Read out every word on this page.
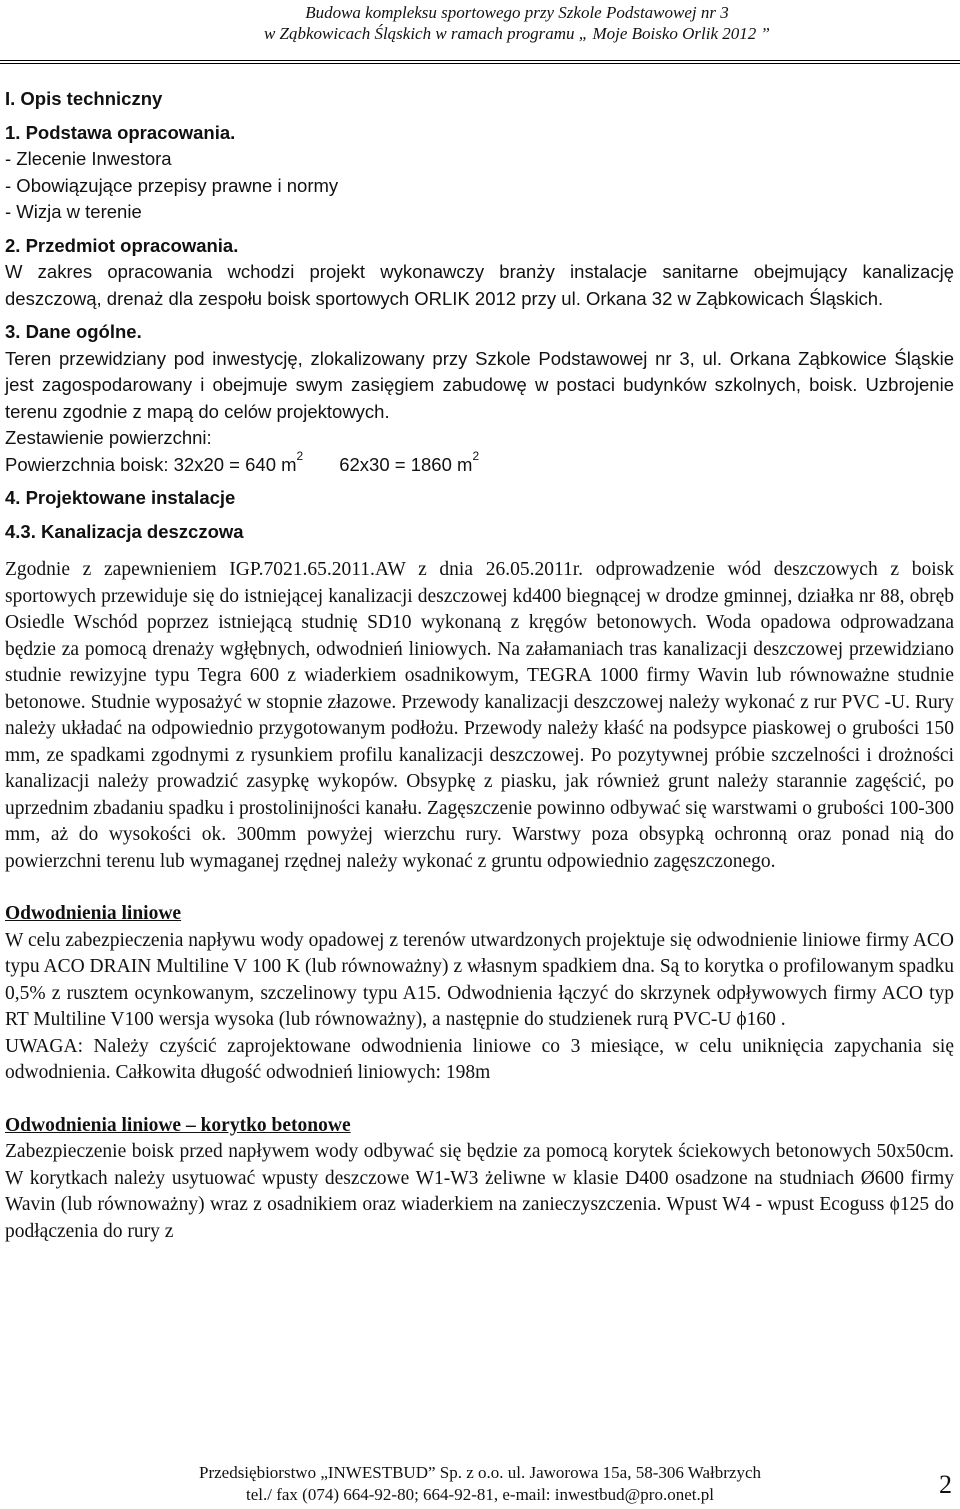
Budowa kompleksu sportowego przy Szkole Podstawowej nr 3
w Ząbkowicach Śląskich w ramach programu „ Moje Boisko Orlik 2012 ”
I. Opis techniczny
1. Podstawa opracowania.
- Zlecenie Inwestora
- Obowiązujące przepisy prawne i normy
- Wizja w terenie
2. Przedmiot opracowania.

W zakres opracowania wchodzi projekt wykonawczy branży instalacje sanitarne obejmujący kanalizację deszczową, drenaż dla zespołu boisk sportowych ORLIK 2012 przy ul. Orkana 32 w Ząbkowicach Śląskich.

3. Dane ogólne.

Teren przewidziany pod inwestycję, zlokalizowany przy Szkole Podstawowej nr 3, ul. Orkana Ząbkowice Śląskie jest zagospodarowany i obejmuje swym zasięgiem zabudowę w postaci budynków szkolnych, boisk. Uzbrojenie terenu zgodnie z mapą do celów projektowych.

Zestawienie powierzchni:
Powierzchnia boisk: 32x20 = 640 $m^2$ 62x30 = 1860 $m^2$
4. Projektowane instalacje
4.3. Kanalizacja deszczowa

Zgodnie z zapewnieniem IGP.7021.65.2011.AW z dnia 26.05.2011r. odprowadzenie wód deszczowych z boisk sportowych przewiduje się do istniejącej kanalizacji deszczowej kd400 biegnącej w drodze gminnej, działka nr 88, obręb Osiedle Wschód poprzez istniejącą studnię SD10 wykonaną z kręgów betonowych. Woda opadowa odprowadzana będzie za pomocą drenaży wgłębnych, odwodnień liniowych. Na załamaniach tras kanalizacji deszczowej przewidziano studnie rewizyjne typu Tegra 600 z wiaderkiem osadnikowym, TEGRA 1000 firmy Wavin lub równoważne studnie betonowe. Studnie wyposażyć w stopnie złazowe. Przewody kanalizacji deszczowej należy wykonać z rur PVC -U. Rury należy układać na odpowiednio przygotowanym podłożu. Przewody należy kłaść na podsypce piaskowej o grubości 150 mm, ze spadkami zgodnymi z rysunkiem profilu kanalizacji deszczowej. Po pozytywnej próbie szczelności i drożności kanalizacji należy prowadzić zasypkę wykopów. Obsypkę z piasku, jak również grunt należy starannie zagęścić, po uprzednim zbadaniu spadku i prostolinijności kanału. Zagęszczenie powinno odbywać się warstwami o grubości 100-300 mm, aż do wysokości ok. 300mm powyżej wierzchu rury. Warstwy poza obsypką ochronną oraz ponad nią do powierzchni terenu lub wymaganej rzędnej należy wykonać z gruntu odpowiednio zagęszczonego.

Odwodnienia liniowe

W celu zabezpieczenia napływu wody opadowej z terenów utwardzonych projektuje się odwodnienie liniowe firmy ACO typu ACO DRAIN Multiline V 100 K (lub równoważny) z własnym spadkiem dna. Są to korytka o profilowanym spadku 0,5% z rusztem ocynkowanym, szczelinowy typu A15. Odwodnienia łączyć do skrzynek odpływowych firmy ACO typ RT Multiline V100 wersja wysoka (lub równoważny), a następnie do studzienek rurą PVC-U ϕ160 .

UWAGA: Należy czyścić zaprojektowane odwodnienia liniowe co 3 miesiące, w celu uniknięcia zapychania się odwodnienia. Całkowita długość odwodnień liniowych: 198m

Odwodnienia liniowe – korytko betonowe

Zabezpieczenie boisk przed napływem wody odbywać się będzie za pomocą korytek ściekowych betonowych 50x50cm. W korytkach należy usytuować wpusty deszczowe W1-W3 żeliwne w klasie D400 osadzone na studniach Ø600 firmy Wavin (lub równoważny) wraz z osadnikiem oraz wiaderkiem na zanieczyszczenia. Wpust W4 - wpust Ecoguss ϕ125 do podłączenia do rury z

Przedsiębiorstwo „INWESTBUD” Sp. z o.o. ul. Jaworowa 15a, 58-306 Wałbrzych
tel./ fax (074) 664-92-80; 664-92-81, e-mail: inwestbud@pro.onet.pl	2
